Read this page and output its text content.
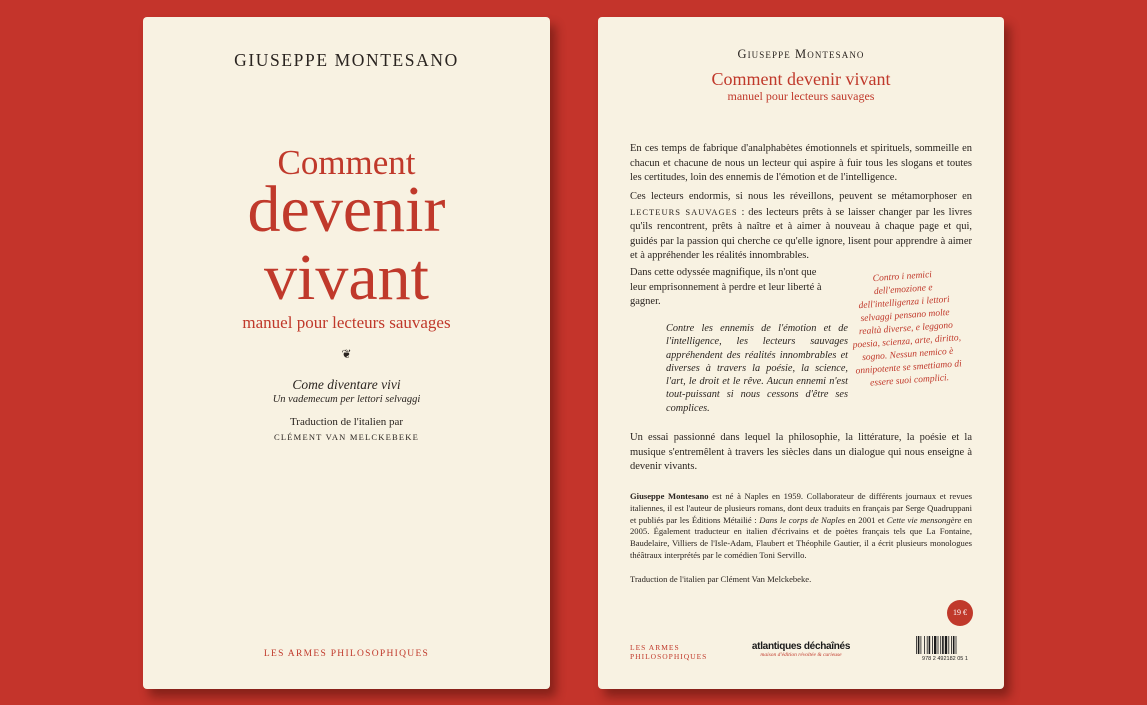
GIUSEPPE MONTESANO
Comment
devenir
vivant
manuel pour lecteurs sauvages
❦
Come diventare vivi
Un vademecum per lettori selvaggi
Traduction de l'italien par
CLÉMENT VAN MELCKEBEKE
LES ARMES PHILOSOPHIQUES
Giuseppe Montesano
Comment devenir vivant
manuel pour lecteurs sauvages

En ces temps de fabrique d'analphabètes émotionnels et spirituels, sommeille en chacun et chacune de nous un lecteur qui aspire à fuir tous les slogans et toutes les certitudes, loin des ennemis de l'émotion et de l'intelligence.

Ces lecteurs endormis, si nous les réveillons, peuvent se métamorphoser en LECTEURS SAUVAGES : des lecteurs prêts à se laisser changer par les livres qu'ils rencontrent, prêts à naître et à aimer à nouveau à chaque page et qui, guidés par la passion qui cherche ce qu'elle ignore, lisent pour apprendre à aimer et à appréhender les réalités innombrables.

Dans cette odyssée magnifique, ils n'ont que leur emprisonnement à perdre et leur liberté à gagner.

Contre les ennemis de l'émotion et de l'intelligence, les lecteurs sauvages appréhendent des réalités innombrables et diverses à travers la poésie, la science, l'art, le droit et le rêve. Aucun ennemi n'est tout-puissant si nous cessons d'être ses complices.

Contro i nemici dell'emozione e dell'intelligenza i lettori selvaggi pensano molte realtà diverse, e leggono poesia, scienza, arte, diritto, sogno. Nessun nemico è onnipotente se smettiamo di essere suoi complici.

Un essai passionné dans lequel la philosophie, la littérature, la poésie et la musique s'entremêlent à travers les siècles dans un dialogue qui nous enseigne à devenir vivants.

Giuseppe Montesano est né à Naples en 1959. Collaborateur de différents journaux et revues italiennes, il est l'auteur de plusieurs romans, dont deux traduits en français par Serge Quadruppani et publiés par les Éditions Métailié : Dans le corps de Naples en 2001 et Cette vie mensongère en 2005. Également traducteur en italien d'écrivains et de poètes français tels que La Fontaine, Baudelaire, Villiers de l'Isle-Adam, Flaubert et Théophile Gautier, il a écrit plusieurs monologues théâtraux interprétés par le comédien Toni Servillo.

Traduction de l'italien par Clément Van Melckebeke.

19 €
LES ARMES
PHILOSOPHIQUES
atlantiques déchaînés
maison d'édition révoltée & curieuse
978 2 492182 05 1
